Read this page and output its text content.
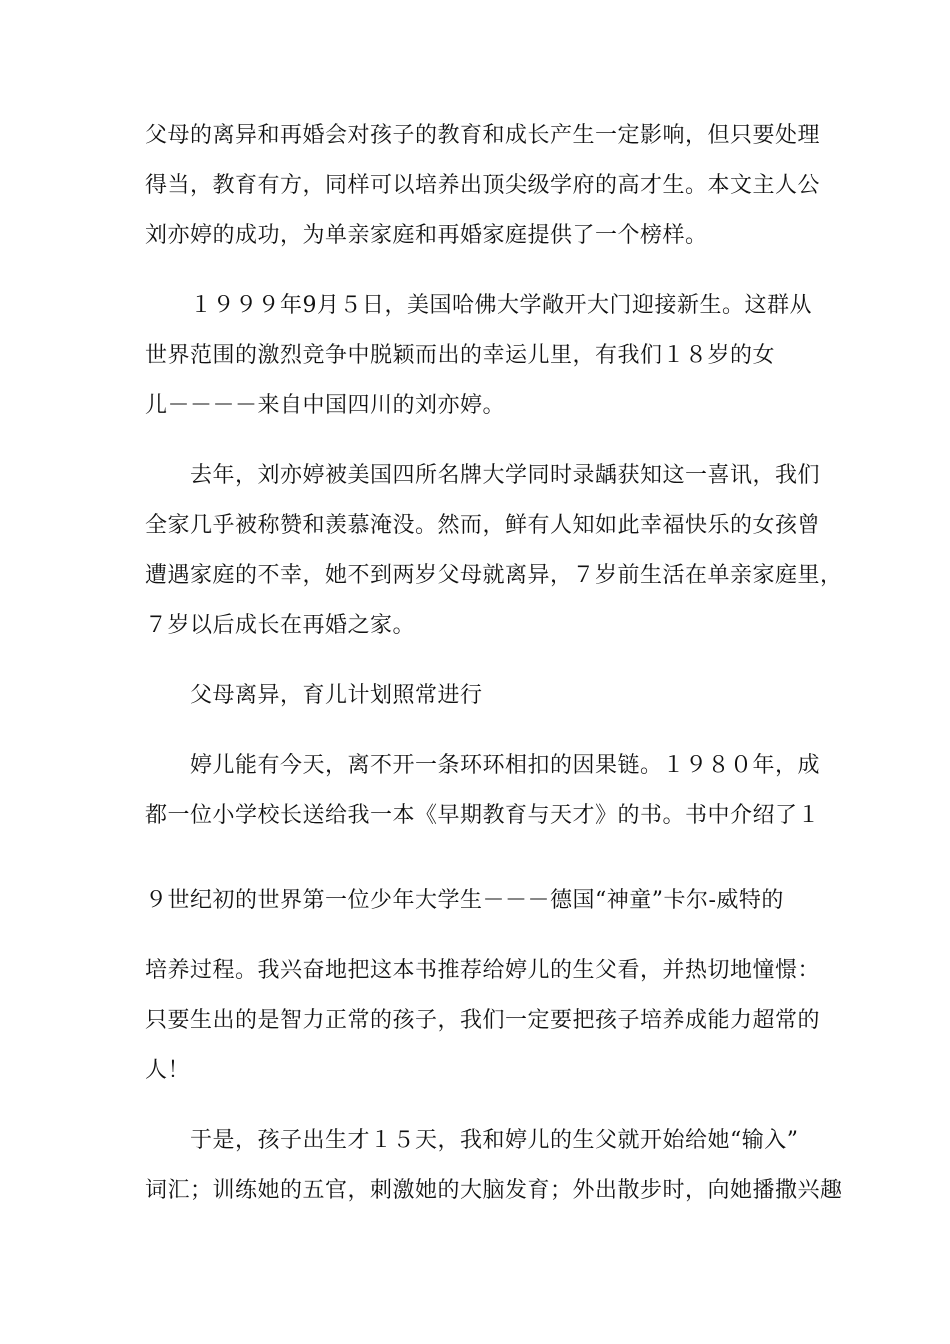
父母的离异和再婚会对孩子的教育和成长产生一定影响，但只要处理
得当，教育有方，同样可以培养出顶尖级学府的高才生。本文主人公
刘亦婷的成功，为单亲家庭和再婚家庭提供了一个榜样。
１９９９年9月５日，美国哈佛大学敞开大门迎接新生。这群从
世界范围的激烈竞争中脱颖而出的幸运儿里，有我们１８岁的女
儿－－－－来自中国四川的刘亦婷。
去年，刘亦婷被美国四所名牌大学同时录龋获知这一喜讯，我们
全家几乎被称赞和羡慕淹没。然而，鲜有人知如此幸福快乐的女孩曾
遭遇家庭的不幸，她不到两岁父母就离异，７岁前生活在单亲家庭里，
７岁以后成长在再婚之家。
父母离异，育儿计划照常进行
婷儿能有今天，离不开一条环环相扣的因果链。１９８０年，成
都一位小学校长送给我一本《早期教育与天才》的书。书中介绍了１
９世纪初的世界第一位少年大学生－－－德国“神童”卡尔-威特的
培养过程。我兴奋地把这本书推荐给婷儿的生父看，并热切地憧憬：
只要生出的是智力正常的孩子，我们一定要把孩子培养成能力超常的
人！
于是，孩子出生才１５天，我和婷儿的生父就开始给她“输入”
词汇；训练她的五官，刺激她的大脑发育；外出散步时，向她播撒兴趣
